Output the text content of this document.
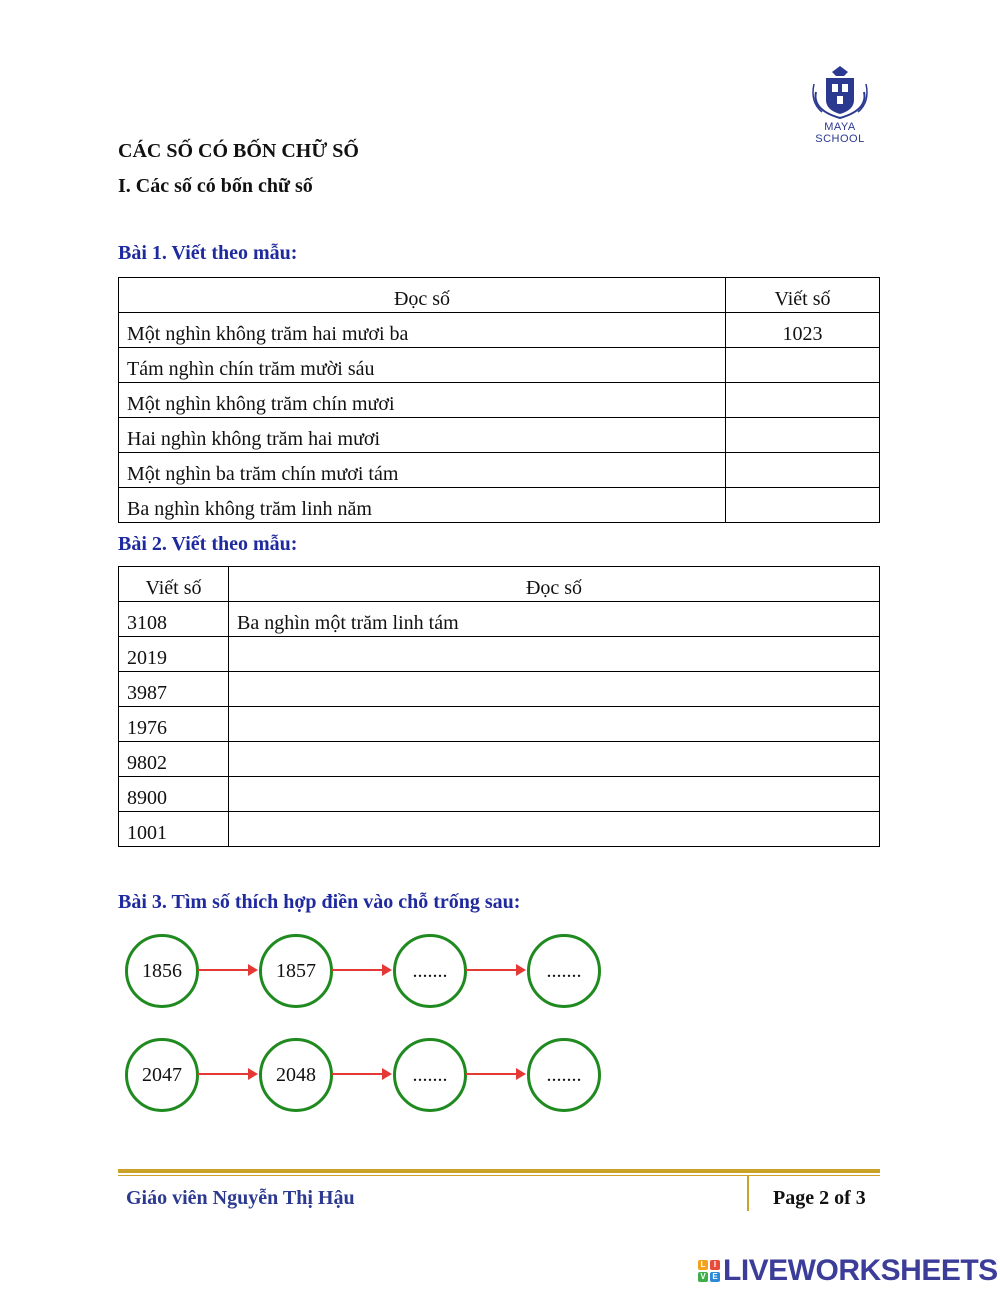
MAYA SCHOOL
CÁC SỐ CÓ BỐN CHỮ SỐ
I. Các số có bốn chữ số
Bài 1. Viết theo mẫu:
Đọc số	Viết số
Một nghìn không trăm hai mươi ba	1023
Tám nghìn chín trăm mười sáu	
Một nghìn không trăm chín mươi	
Hai nghìn không trăm hai mươi	
Một nghìn ba trăm chín mươi tám	
Ba nghìn không trăm linh năm	
Bài 2. Viết theo mẫu:
Viết số	Đọc số
3108	Ba nghìn một trăm linh tám
2019	
3987	
1976	
9802	
8900	
1001	
Bài 3. Tìm số thích hợp điền vào chỗ trống sau:
1856	1857	.......	.......
2047	2048	.......	.......
Giáo viên Nguyễn Thị Hậu	Page 2 of 3
L	I
V E LIVEWORKSHEETS
